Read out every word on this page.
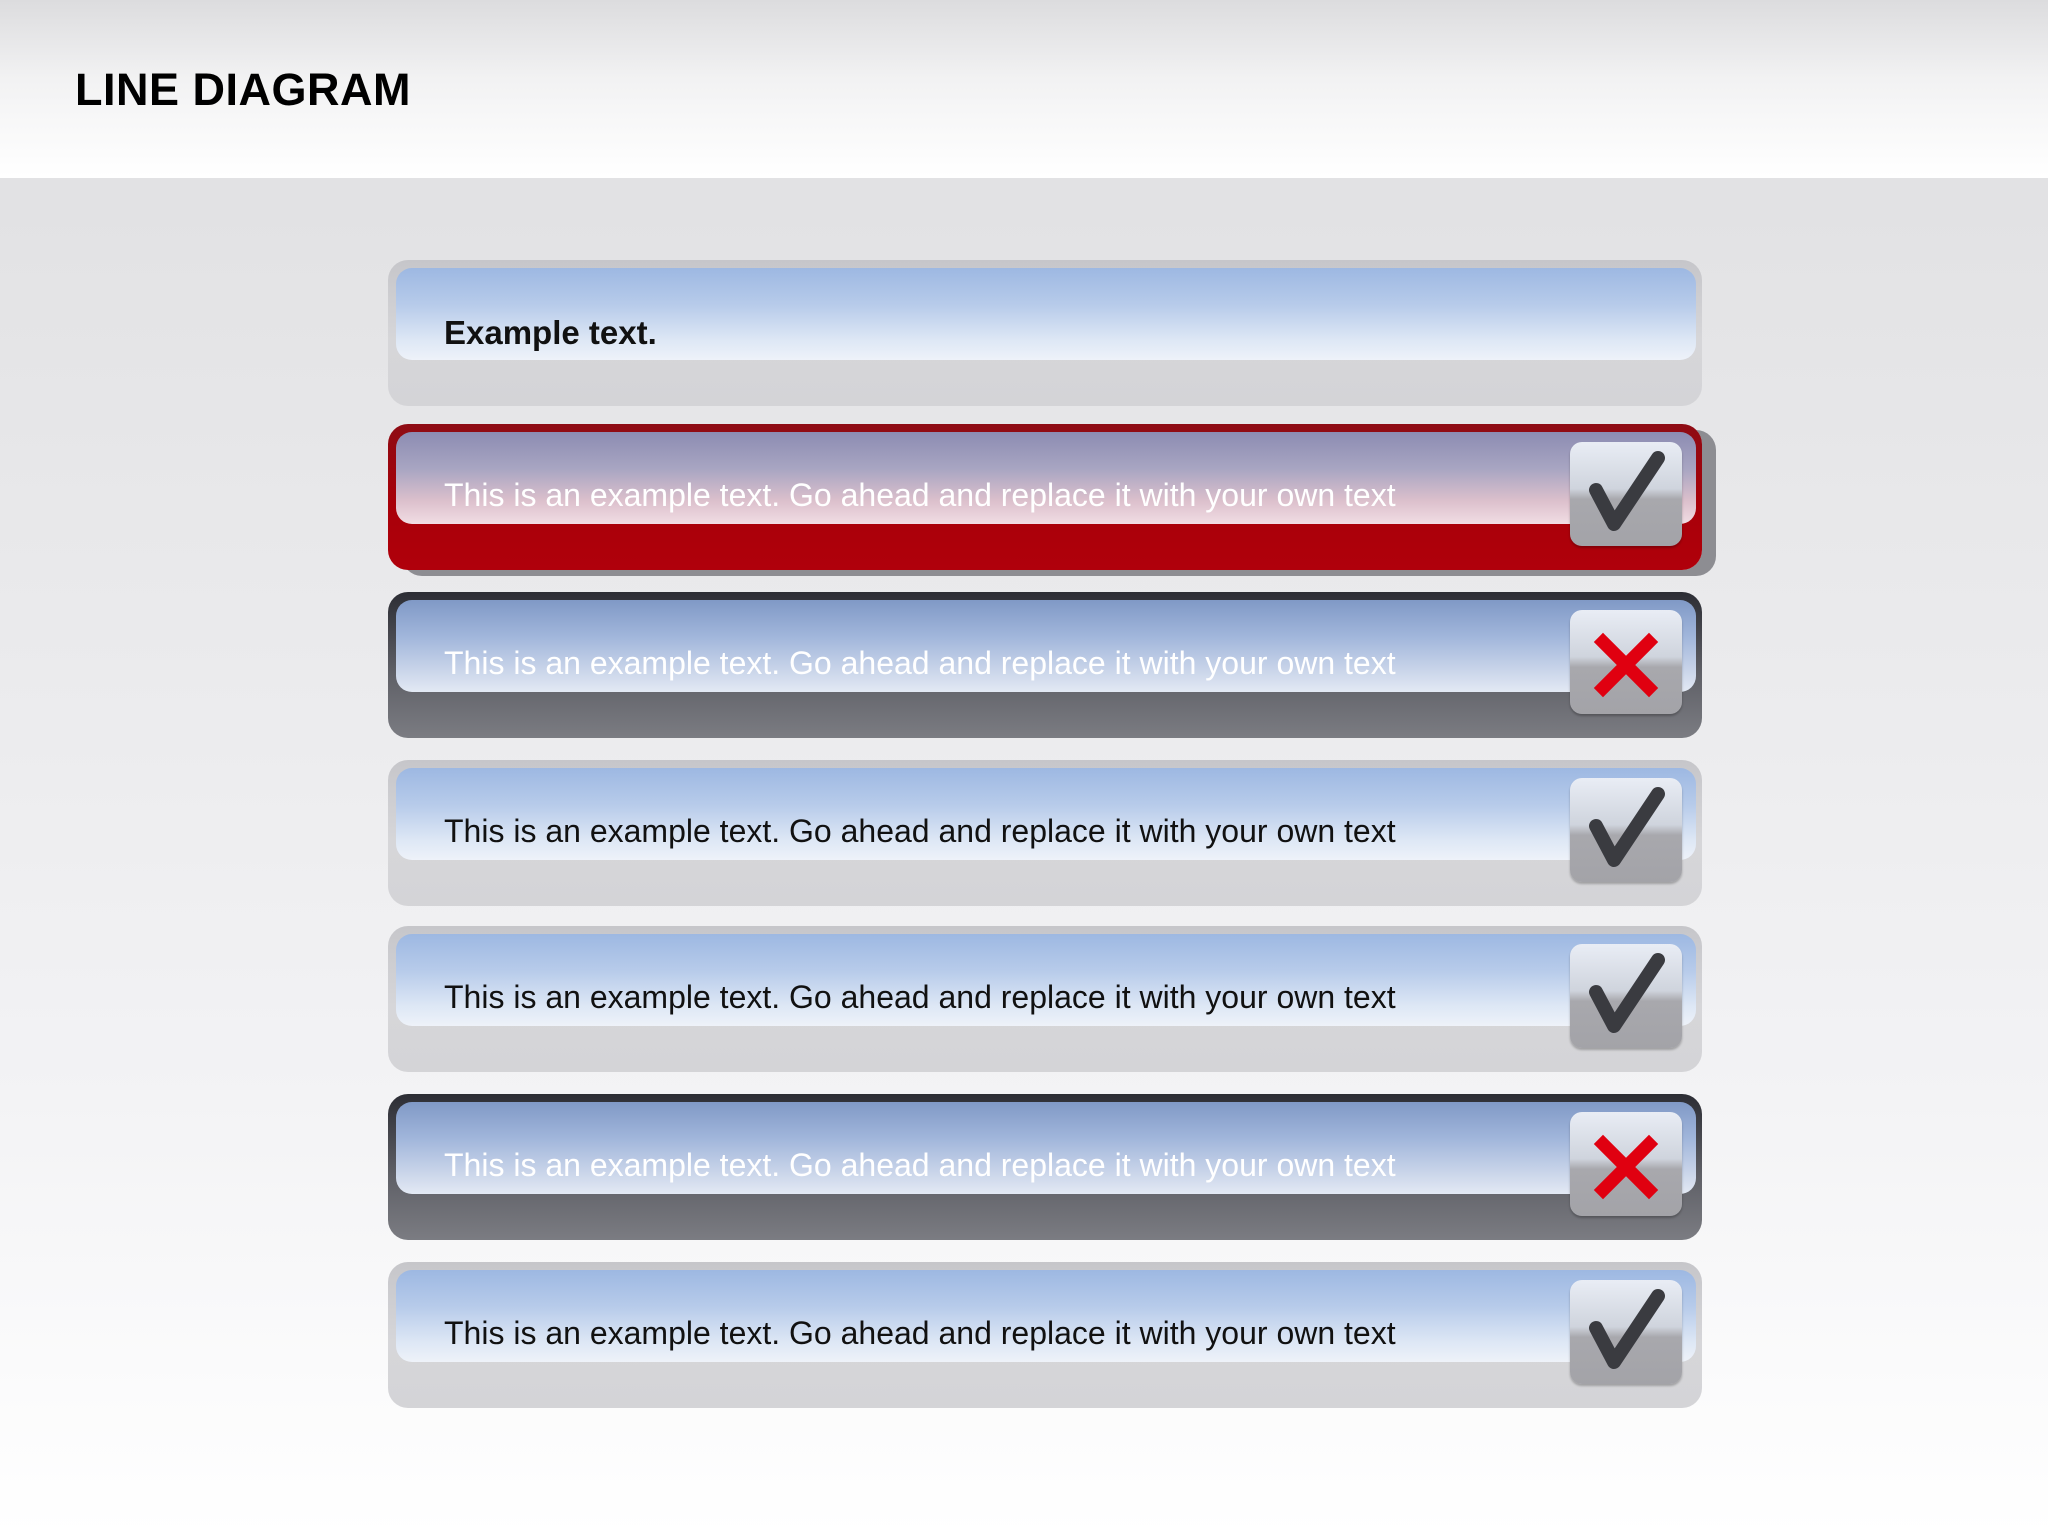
LINE DIAGRAM
Example text.
This is an example text. Go ahead and replace it with your own text
This is an example text. Go ahead and replace it with your own text
This is an example text. Go ahead and replace it with your own text
This is an example text. Go ahead and replace it with your own text
This is an example text. Go ahead and replace it with your own text
This is an example text. Go ahead and replace it with your own text
